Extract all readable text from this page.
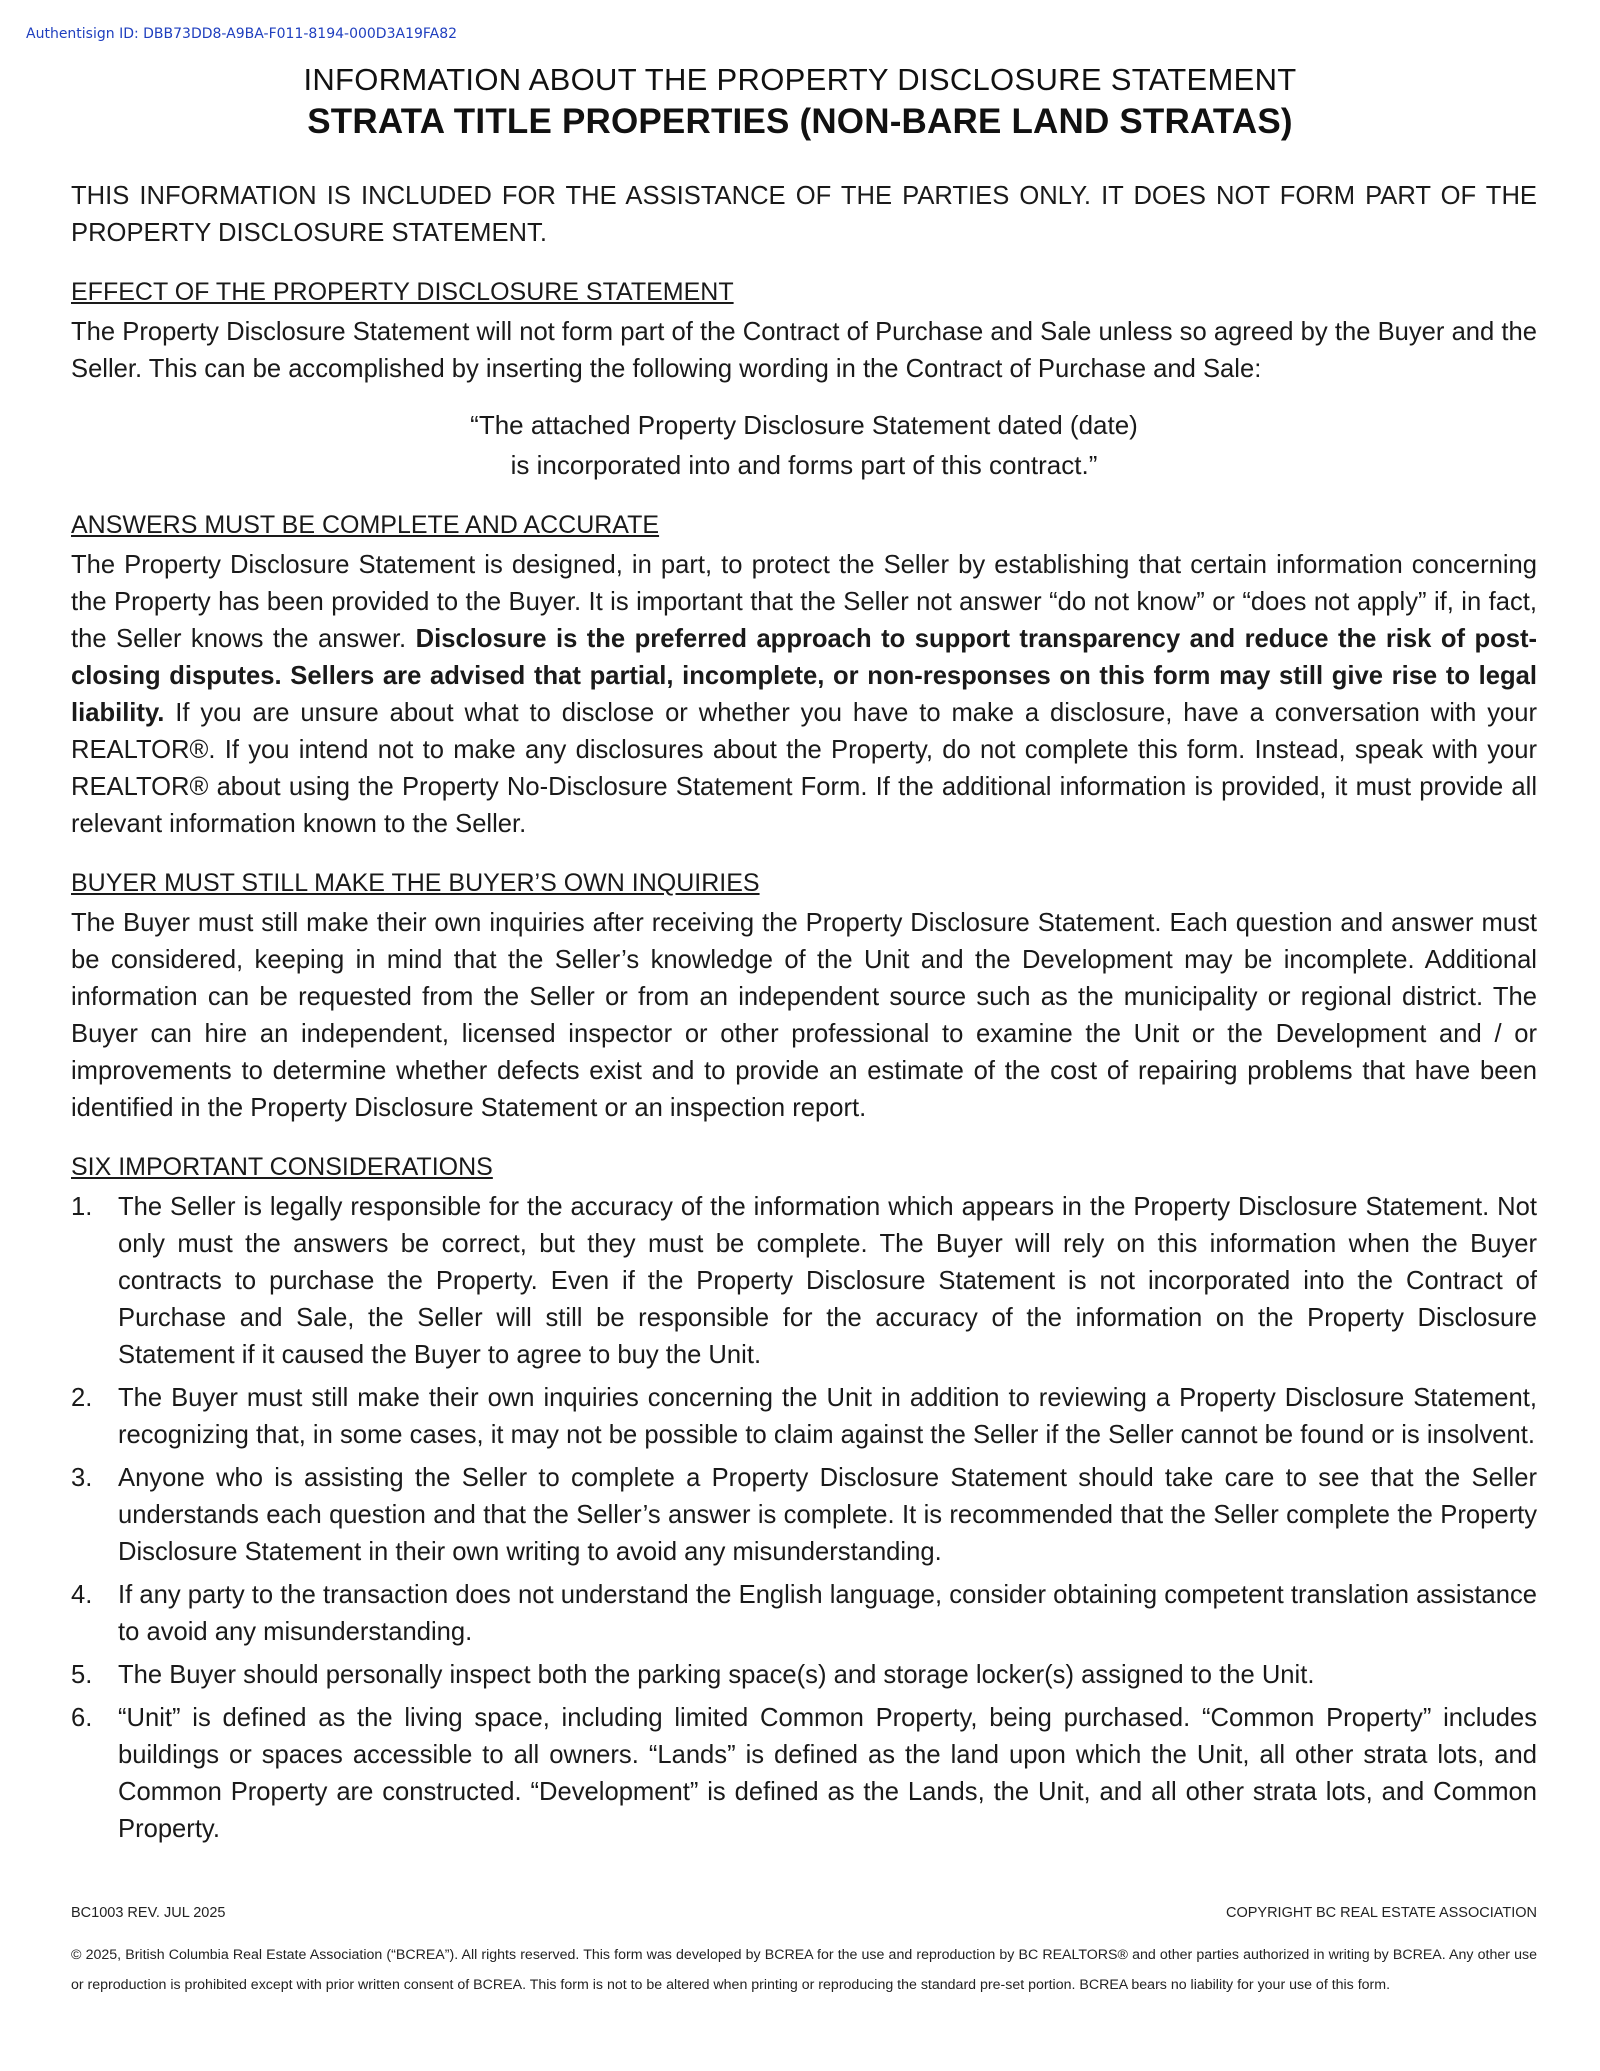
Authentisign ID: DBB73DD8-A9BA-F011-8194-000D3A19FA82
INFORMATION ABOUT THE PROPERTY DISCLOSURE STATEMENT
STRATA TITLE PROPERTIES (NON-BARE LAND STRATAS)

THIS INFORMATION IS INCLUDED FOR THE ASSISTANCE OF THE PARTIES ONLY. IT DOES NOT FORM PART OF THE PROPERTY DISCLOSURE STATEMENT.

EFFECT OF THE PROPERTY DISCLOSURE STATEMENT

The Property Disclosure Statement will not form part of the Contract of Purchase and Sale unless so agreed by the Buyer and the Seller. This can be accomplished by inserting the following wording in the Contract of Purchase and Sale:

“The attached Property Disclosure Statement dated (date)
is incorporated into and forms part of this contract.”

ANSWERS MUST BE COMPLETE AND ACCURATE

The Property Disclosure Statement is designed, in part, to protect the Seller by establishing that certain information concerning the Property has been provided to the Buyer. It is important that the Seller not answer “do not know” or “does not apply” if, in fact, the Seller knows the answer. Disclosure is the preferred approach to support transparency and reduce the risk of post-closing disputes. Sellers are advised that partial, incomplete, or non-responses on this form may still give rise to legal liability. If you are unsure about what to disclose or whether you have to make a disclosure, have a conversation with your REALTOR®. If you intend not to make any disclosures about the Property, do not complete this form. Instead, speak with your REALTOR® about using the Property No-Disclosure Statement Form. If the additional information is provided, it must provide all relevant information known to the Seller.

BUYER MUST STILL MAKE THE BUYER’S OWN INQUIRIES

The Buyer must still make their own inquiries after receiving the Property Disclosure Statement. Each question and answer must be considered, keeping in mind that the Seller’s knowledge of the Unit and the Development may be incomplete. Additional information can be requested from the Seller or from an independent source such as the municipality or regional district. The Buyer can hire an independent, licensed inspector or other professional to examine the Unit or the Development and / or improvements to determine whether defects exist and to provide an estimate of the cost of repairing problems that have been identified in the Property Disclosure Statement or an inspection report.

SIX IMPORTANT CONSIDERATIONS

1. The Seller is legally responsible for the accuracy of the information which appears in the Property Disclosure Statement. Not only must the answers be correct, but they must be complete. The Buyer will rely on this information when the Buyer contracts to purchase the Property. Even if the Property Disclosure Statement is not incorporated into the Contract of Purchase and Sale, the Seller will still be responsible for the accuracy of the information on the Property Disclosure Statement if it caused the Buyer to agree to buy the Unit.
2. The Buyer must still make their own inquiries concerning the Unit in addition to reviewing a Property Disclosure Statement, recognizing that, in some cases, it may not be possible to claim against the Seller if the Seller cannot be found or is insolvent.
3. Anyone who is assisting the Seller to complete a Property Disclosure Statement should take care to see that the Seller understands each question and that the Seller’s answer is complete. It is recommended that the Seller complete the Property Disclosure Statement in their own writing to avoid any misunderstanding.
4. If any party to the transaction does not understand the English language, consider obtaining competent translation assistance to avoid any misunderstanding.
5. The Buyer should personally inspect both the parking space(s) and storage locker(s) assigned to the Unit.
6. “Unit” is defined as the living space, including limited Common Property, being purchased. “Common Property” includes buildings or spaces accessible to all owners. “Lands” is defined as the land upon which the Unit, all other strata lots, and Common Property are constructed. “Development” is defined as the Lands, the Unit, and all other strata lots, and Common Property.
BC1003 REV. JUL 2025	COPYRIGHT BC REAL ESTATE ASSOCIATION
© 2025, British Columbia Real Estate Association (“BCREA”). All rights reserved. This form was developed by BCREA for the use and reproduction by BC REALTORS® and other parties authorized in writing by BCREA. Any other use or reproduction is prohibited except with prior written consent of BCREA. This form is not to be altered when printing or reproducing the standard pre-set portion. BCREA bears no liability for your use of this form.
